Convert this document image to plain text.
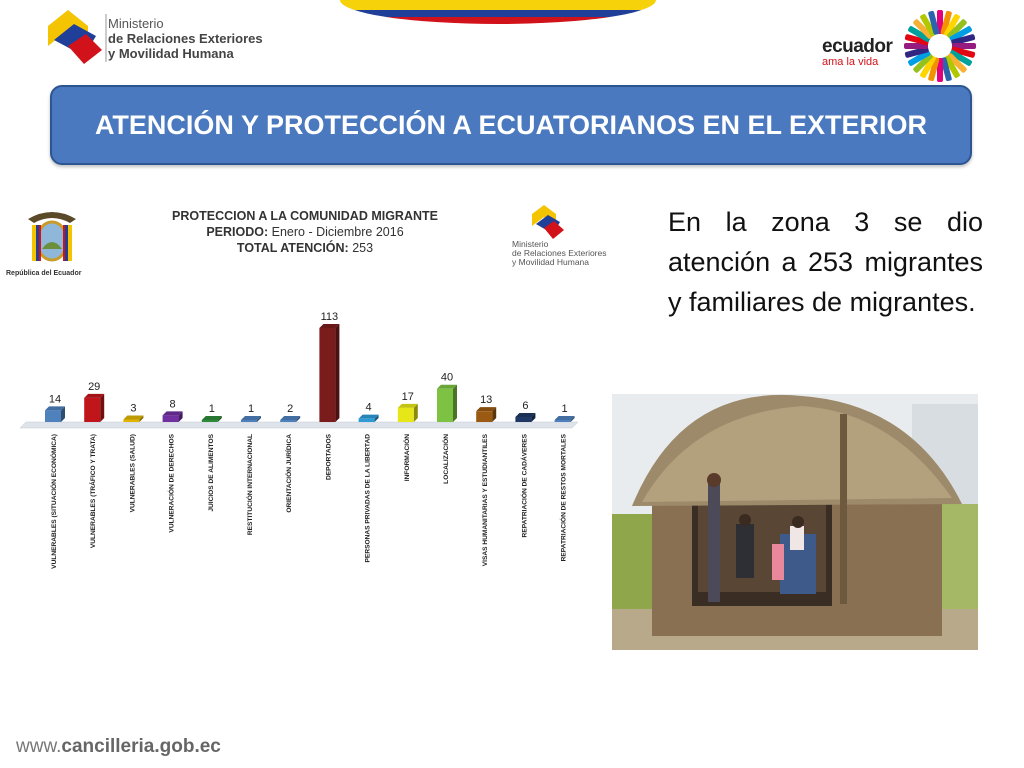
Ministerio
de Relaciones Exteriores
y Movilidad Humana	ecuador
ama la vida
ATENCIÓN Y PROTECCIÓN A ECUATORIANOS EN EL EXTERIOR
República del Ecuador
PROTECCION A LA COMUNIDAD MIGRANTE
PERIODO: Enero - Diciembre 2016
TOTAL ATENCIÓN: 253	Ministerio
de Relaciones Exteriores
y Movilidad Humana
14
VULNERABLES (SITUACIÓN ECONÓMICA)
29
VULNERABLES (TRÁFICO Y TRATA)
3
VULNERABLES (SALUD)
8
VULNERACIÓN DE DERECHOS
1
JUICIOS DE ALIMENTOS
1
RESTITUCIÓN INTERNACIONAL
2
ORIENTACIÓN JURÍDICA
113
DEPORTADOS
4
PERSONAS PRIVADAS DE LA LIBERTAD
17
INFORMACIÓN
40
LOCALIZACIÓN
13
VISAS HUMANITARIAS Y ESTUDIANTILES
6
REPATRIACIÓN DE CADÁVERES
1
REPATRIACIÓN DE RESTOS MORTALES
En la zona 3 se dio atención a 253 migrantes y familiares de migrantes.
www.cancilleria.gob.ec
